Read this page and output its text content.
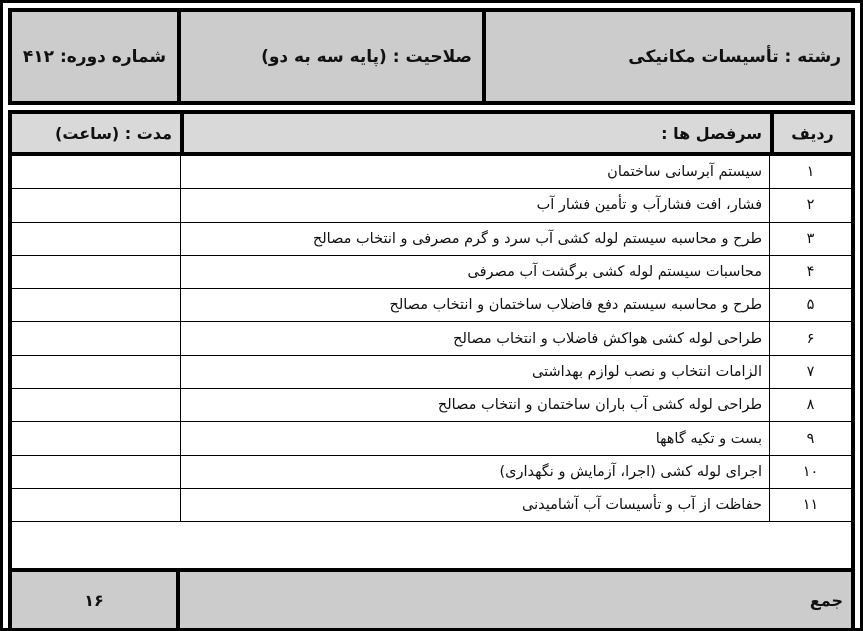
رشته : تأسیسات مکانیکی
صلاحیت : (پایه سه به دو)
شماره دوره: ۴۱۲
ردیف
سرفصل ها :
مدت : (ساعت)
۱
سیستم آبرسانی ساختمان
۲
فشار، افت فشارآب و تأمین فشار آب
۳
طرح و محاسبه سیستم لوله کشی آب سرد و گرم مصرفی و انتخاب مصالح
۴
محاسبات سیستم لوله کشی برگشت آب مصرفی
۵
طرح و محاسبه سیستم دفع فاضلاب ساختمان و انتخاب مصالح
۶
طراحی لوله کشی هواکش فاضلاب و انتخاب مصالح
۷
الزامات انتخاب و نصب لوازم بهداشتی
۸
طراحی لوله کشی آب باران ساختمان و انتخاب مصالح
۹
بست و تکیه گاهها
۱۰
اجرای لوله کشی (اجرا، آزمایش و نگهداری)
۱۱
حفاظت از آب و تأسیسات آب آشامیدنی
جمع
۱۶
